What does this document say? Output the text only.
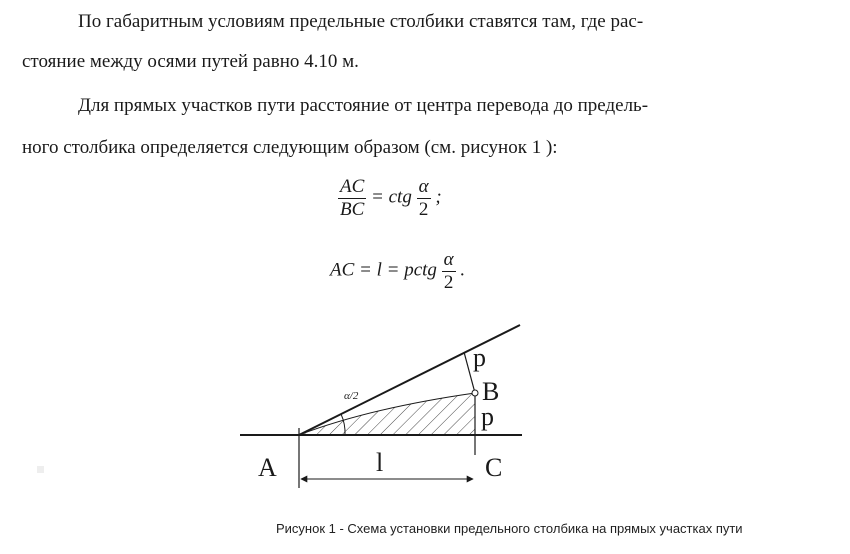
По габаритным условиям предельные столбики ставятся там, где рас-
стояние между осями путей равно 4.10 м.
Для прямых участков пути расстояние от центра перевода до предель-
ного столбика определяется следующим образом (см. рисунок 1 ):
$\frac{AC}{BC}$ = ctg $\frac{\alpha}{2}$ ;
AC = l = pctg $\frac{\alpha}{2}$ .
A
B
C
l
p
p
α/2
Рисунок 1 - Схема установки предельного столбика на прямых участках пути
